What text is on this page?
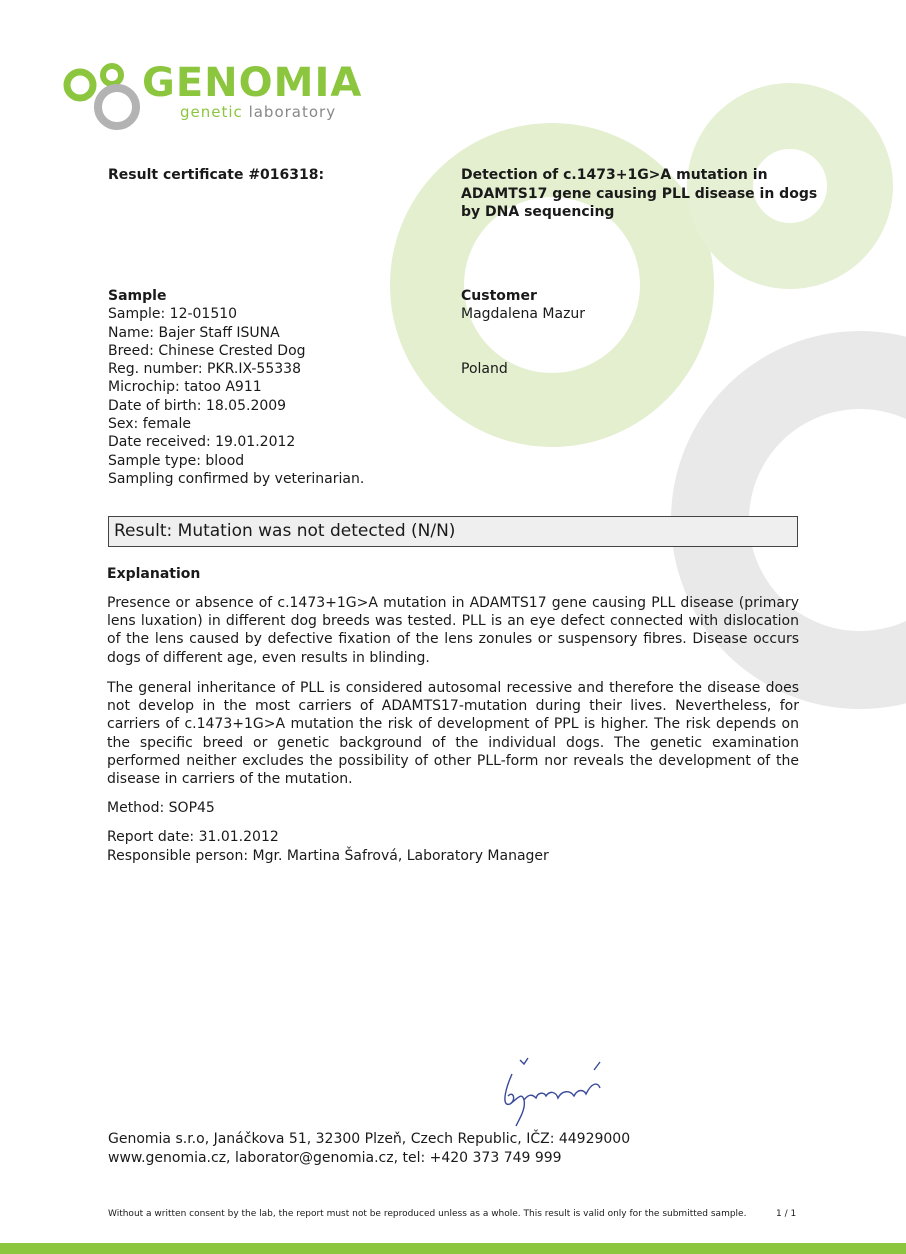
GENOMIA
genetic laboratory
Result certificate #016318:	Detection of c.1473+1G>A mutation in
ADAMTS17 gene causing PLL disease in dogs
by DNA sequencing
Sample
Sample: 12-01510
Name: Bajer Staff ISUNA
Breed: Chinese Crested Dog
Reg. number: PKR.IX-55338
Microchip: tatoo A911
Date of birth: 18.05.2009
Sex: female
Date received: 19.01.2012
Sample type: blood
Sampling confirmed by veterinarian.
Customer
Magdalena Mazur
Poland
Result: Mutation was not detected (N/N)
Explanation
Presence or absence of c.1473+1G>A mutation in ADAMTS17 gene causing PLL disease (primary lens luxation) in different dog breeds was tested. PLL is an eye defect connected with dislocation of the lens caused by defective fixation of the lens zonules or suspensory fibres. Disease occurs dogs of different age, even results in blinding.
The general inheritance of PLL is considered autosomal recessive and therefore the disease does not develop in the most carriers of ADAMTS17-mutation during their lives. Nevertheless, for carriers of c.1473+1G>A mutation the risk of development of PPL is higher. The risk depends on the specific breed or genetic background of the individual dogs. The genetic examination performed neither excludes the possibility of other PLL-form nor reveals the development of the disease in carriers of the mutation.
Method: SOP45
Report date: 31.01.2012
Responsible person: Mgr. Martina Šafrová, Laboratory Manager
Genomia s.r.o, Janáčkova 51, 32300 Plzeň, Czech Republic, IČZ: 44929000
www.genomia.cz, laborator@genomia.cz, tel: +420 373 749 999
Without a written consent by the lab, the report must not be reproduced unless as a whole. This result is valid only for the submitted sample.	1 / 1
